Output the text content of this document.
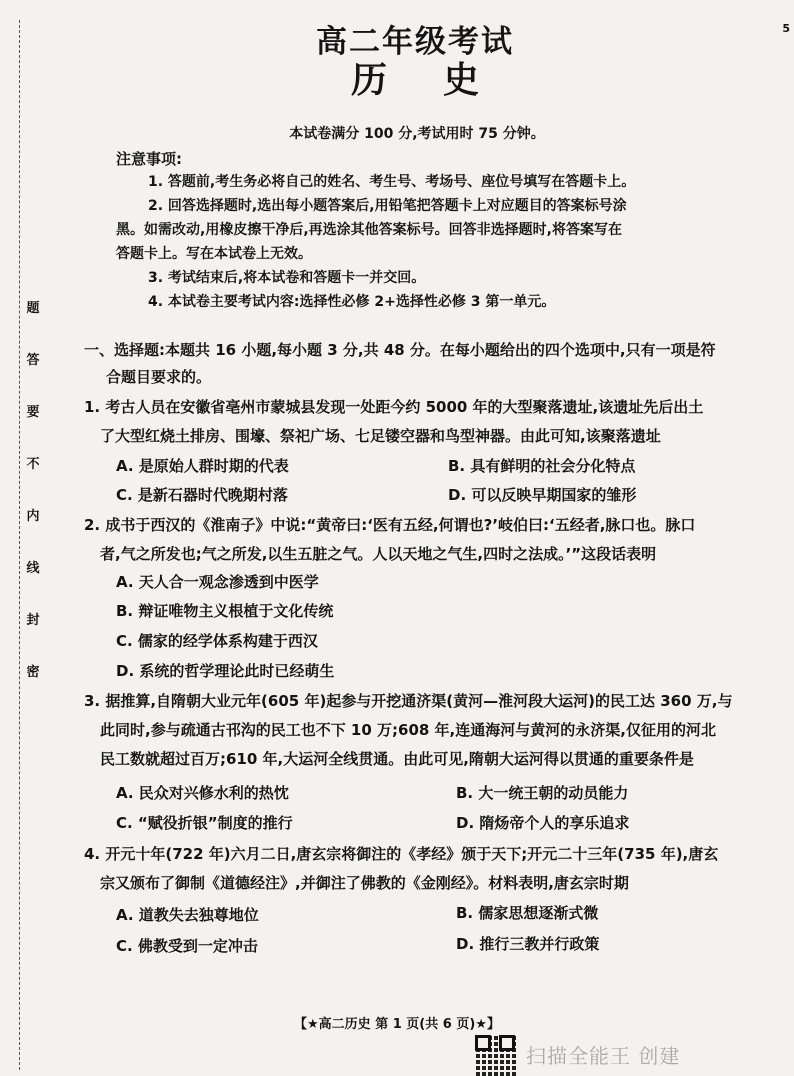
题
答
要
不
内
线
封
密
5
高二年级考试
历史
本试卷满分 100 分,考试用时 75 分钟。
注意事项:
1. 答题前,考生务必将自己的姓名、考生号、考场号、座位号填写在答题卡上。
2. 回答选择题时,选出每小题答案后,用铅笔把答题卡上对应题目的答案标号涂
黑。如需改动,用橡皮擦干净后,再选涂其他答案标号。回答非选择题时,将答案写在
答题卡上。写在本试卷上无效。
3. 考试结束后,将本试卷和答题卡一并交回。
4. 本试卷主要考试内容:选择性必修 2+选择性必修 3 第一单元。
一、选择题:本题共 16 小题,每小题 3 分,共 48 分。在每小题给出的四个选项中,只有一项是符
合题目要求的。
1. 考古人员在安徽省亳州市蒙城县发现一处距今约 5000 年的大型聚落遗址,该遗址先后出土
了大型红烧土排房、围壕、祭祀广场、七足镂空器和鸟型神器。由此可知,该聚落遗址
A. 是原始人群时期的代表	B. 具有鲜明的社会分化特点
C. 是新石器时代晚期村落	D. 可以反映早期国家的雏形
2. 成书于西汉的《淮南子》中说:“黄帝曰:‘医有五经,何谓也?’岐伯曰:‘五经者,脉口也。脉口
者,气之所发也;气之所发,以生五脏之气。人以天地之气生,四时之法成。’”这段话表明
A. 天人合一观念渗透到中医学
B. 辩证唯物主义根植于文化传统
C. 儒家的经学体系构建于西汉
D. 系统的哲学理论此时已经萌生
3. 据推算,自隋朝大业元年(605 年)起参与开挖通济渠(黄河—淮河段大运河)的民工达 360 万,与
此同时,参与疏通古邗沟的民工也不下 10 万;608 年,连通海河与黄河的永济渠,仅征用的河北
民工数就超过百万;610 年,大运河全线贯通。由此可见,隋朝大运河得以贯通的重要条件是
A. 民众对兴修水利的热忱	B. 大一统王朝的动员能力
C. “赋役折银”制度的推行	D. 隋炀帝个人的享乐追求
4. 开元十年(722 年)六月二日,唐玄宗将御注的《孝经》颁于天下;开元二十三年(735 年),唐玄
宗又颁布了御制《道德经注》,并御注了佛教的《金刚经》。材料表明,唐玄宗时期
A. 道教失去独尊地位	B. 儒家思想逐渐式微
C. 佛教受到一定冲击	D. 推行三教并行政策
【★高二历史 第 1 页(共 6 页)★】
扫描全能王 创建
